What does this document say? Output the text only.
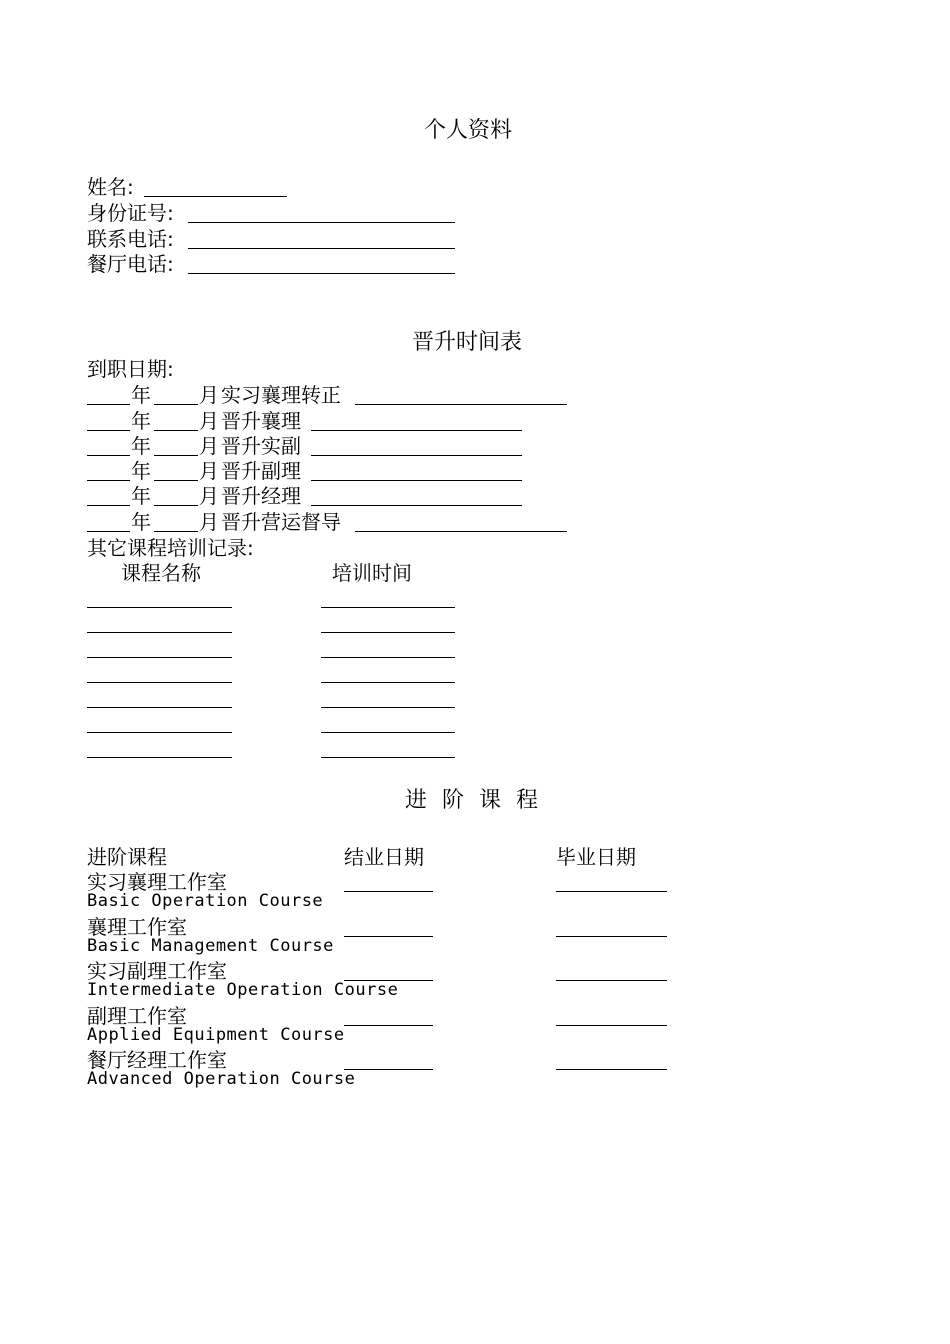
个人资料
姓名:
身份证号:
联系电话:
餐厅电话:
晋升时间表
到职日期:
年 月 实习襄理转正
年 月 晋升襄理
年 月 晋升实副
年 月 晋升副理
年 月 晋升经理
年 月 晋升营运督导
其它课程培训记录:
课程名称	培训时间
进阶课程
进阶课程	结业日期	毕业日期
实习襄理工作室
Basic Operation Course
襄理工作室
Basic Management Course
实习副理工作室
Intermediate Operation Course
副理工作室
Applied Equipment Course
餐厅经理工作室
Advanced Operation Course
